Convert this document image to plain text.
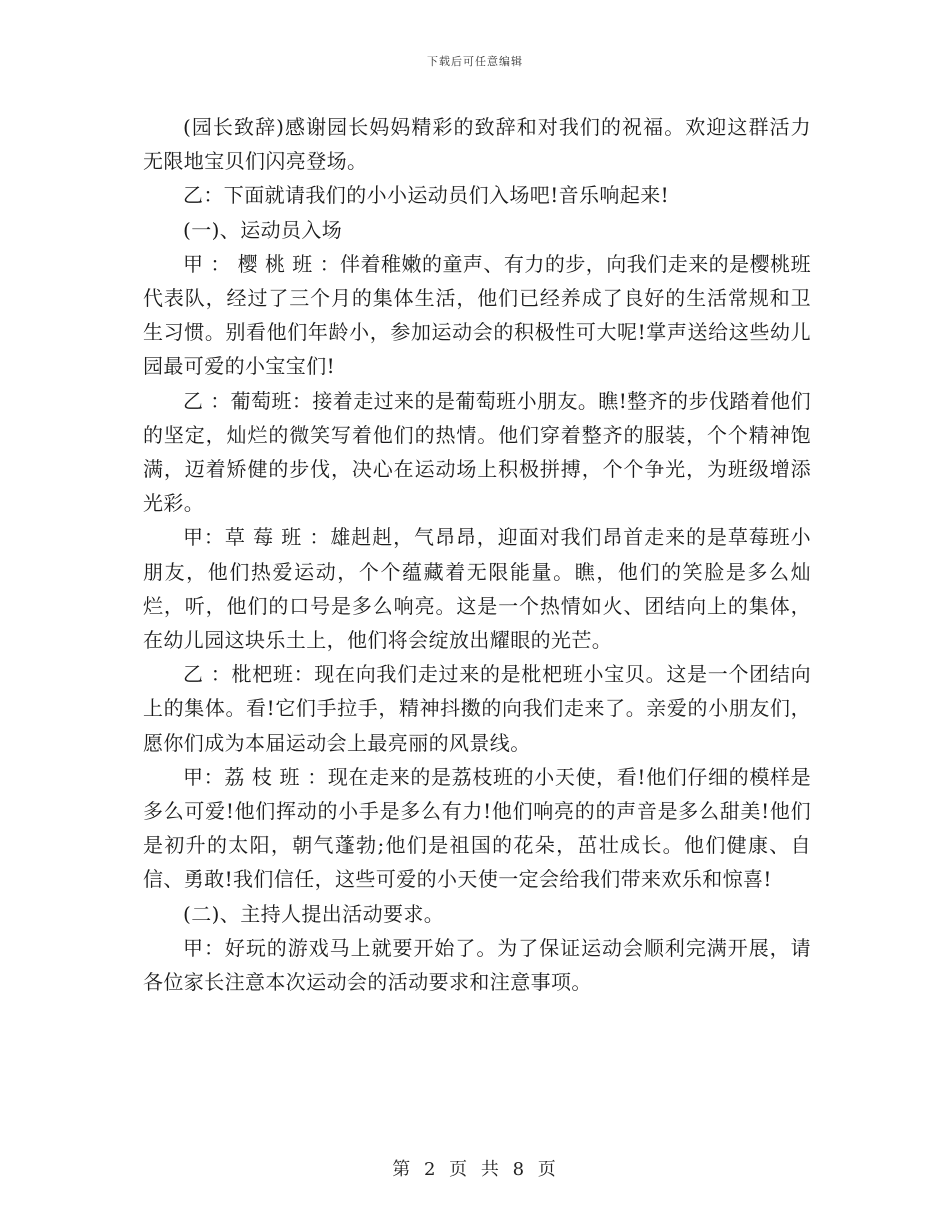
下载后可任意编辑

(园长致辞)感谢园长妈妈精彩的致辞和对我们的祝福。欢迎这群活力无限地宝贝们闪亮登场。

乙：下面就请我们的小小运动员们入场吧!音乐响起来!

(一)、运动员入场

甲 ： 樱 桃 班 ：伴着稚嫩的童声、有力的步，向我们走来的是樱桃班代表队，经过了三个月的集体生活，他们已经养成了良好的生活常规和卫生习惯。别看他们年龄小，参加运动会的积极性可大呢!掌声送给这些幼儿园最可爱的小宝宝们!

乙 ：葡萄班：接着走过来的是葡萄班小朋友。瞧!整齐的步伐踏着他们的坚定，灿烂的微笑写着他们的热情。他们穿着整齐的服装，个个精神饱满，迈着矫健的步伐，决心在运动场上积极拼搏，个个争光，为班级增添光彩。

甲：草 莓 班 ：雄赳赳，气昂昂，迎面对我们昂首走来的是草莓班小朋友，他们热爱运动，个个蕴藏着无限能量。瞧，他们的笑脸是多么灿烂，听，他们的口号是多么响亮。这是一个热情如火、团结向上的集体，在幼儿园这块乐土上，他们将会绽放出耀眼的光芒。

乙 ：枇杷班：现在向我们走过来的是枇杷班小宝贝。这是一个团结向上的集体。看!它们手拉手，精神抖擞的向我们走来了。亲爱的小朋友们，愿你们成为本届运动会上最亮丽的风景线。

甲：荔 枝 班 ：现在走来的是荔枝班的小天使，看!他们仔细的模样是多么可爱!他们挥动的小手是多么有力!他们响亮的的声音是多么甜美!他们是初升的太阳，朝气蓬勃;他们是祖国的花朵，茁壮成长。他们健康、自信、勇敢!我们信任，这些可爱的小天使一定会给我们带来欢乐和惊喜!

(二)、主持人提出活动要求。

甲：好玩的游戏马上就要开始了。为了保证运动会顺利完满开展，请各位家长注意本次运动会的活动要求和注意事项。

第 2 页 共 8 页
